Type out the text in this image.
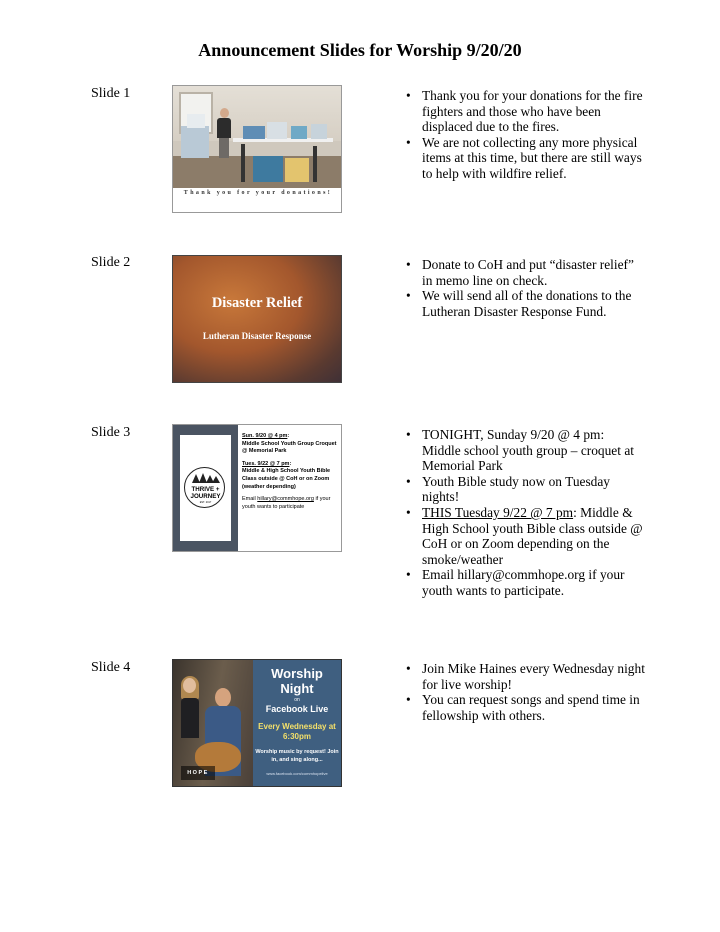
Announcement Slides for Worship 9/20/20
Slide 1
Thank you for your donations!
• Thank you for your donations for the fire fighters and those who have been displaced due to the fires.
• We are not collecting any more physical items at this time, but there are still ways to help with wildfire relief.
Slide 2
Disaster Relief
Lutheran Disaster Response
• Donate to CoH and put “disaster relief” in memo line on check.
• We will send all of the donations to the Lutheran Disaster Response Fund.
Slide 3
THRIVE +
JOURNEY
EST. 2017

Sun. 9/20 @ 4 pm:
Middle School Youth Group Croquet @ Memorial Park

Tues. 9/22 @ 7 pm:
Middle & High School Youth Bible Class outside @ CoH or on Zoom (weather depending)

Email hillary@commhope.org if your youth wants to participate

• TONIGHT, Sunday 9/20 @ 4 pm: Middle school youth group – croquet at Memorial Park
• Youth Bible study now on Tuesday nights!
• THIS Tuesday 9/22 @ 7 pm: Middle & High School youth Bible class outside @ CoH or on Zoom depending on the smoke/weather
• Email hillary@commhope.org if your youth wants to participate.
Slide 4
HOPE
Worship Night
on
Facebook Live
Every Wednesday at 6:30pm
Worship music by request! Join in, and sing along...
www.facebook.com/commhopelive
• Join Mike Haines every Wednesday night for live worship!
• You can request songs and spend time in fellowship with others.
